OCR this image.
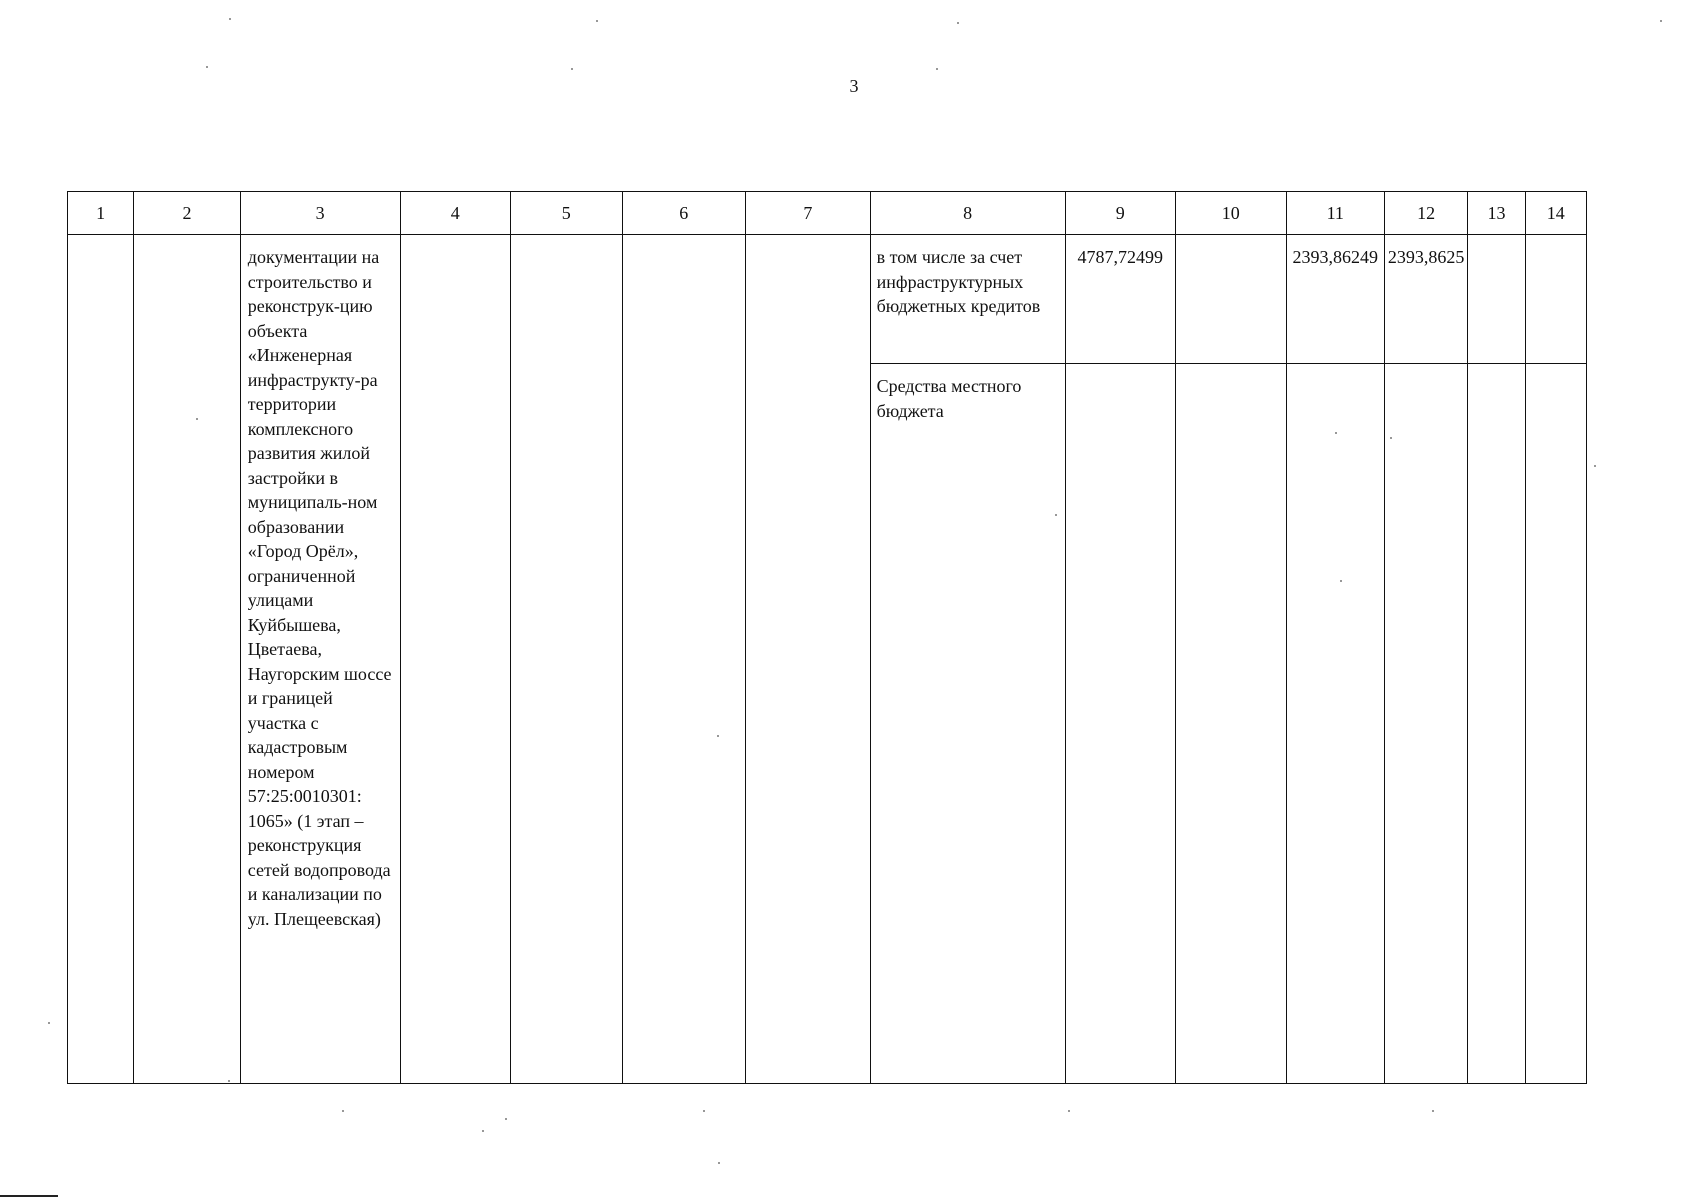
3
1	2	3	4	5	6	7	8	9	10	11	12	13	14
		документации на строительство и реконструк-цию объекта «Инженерная инфраструкту-ра территории комплексного развития жилой застройки в муниципаль-ном образовании «Город Орёл», ограниченной улицами Куйбышева, Цветаева, Наугорским шоссе и границей участка с кадастровым номером 57:25:0010301: 1065» (1 этап – реконструкция сетей водопровода и канализации по ул. Плещеевская)					в том числе за счет инфраструктурных бюджетных кредитов	4787,72499		2393,86249	2393,8625		
							Средства местного бюджета						
